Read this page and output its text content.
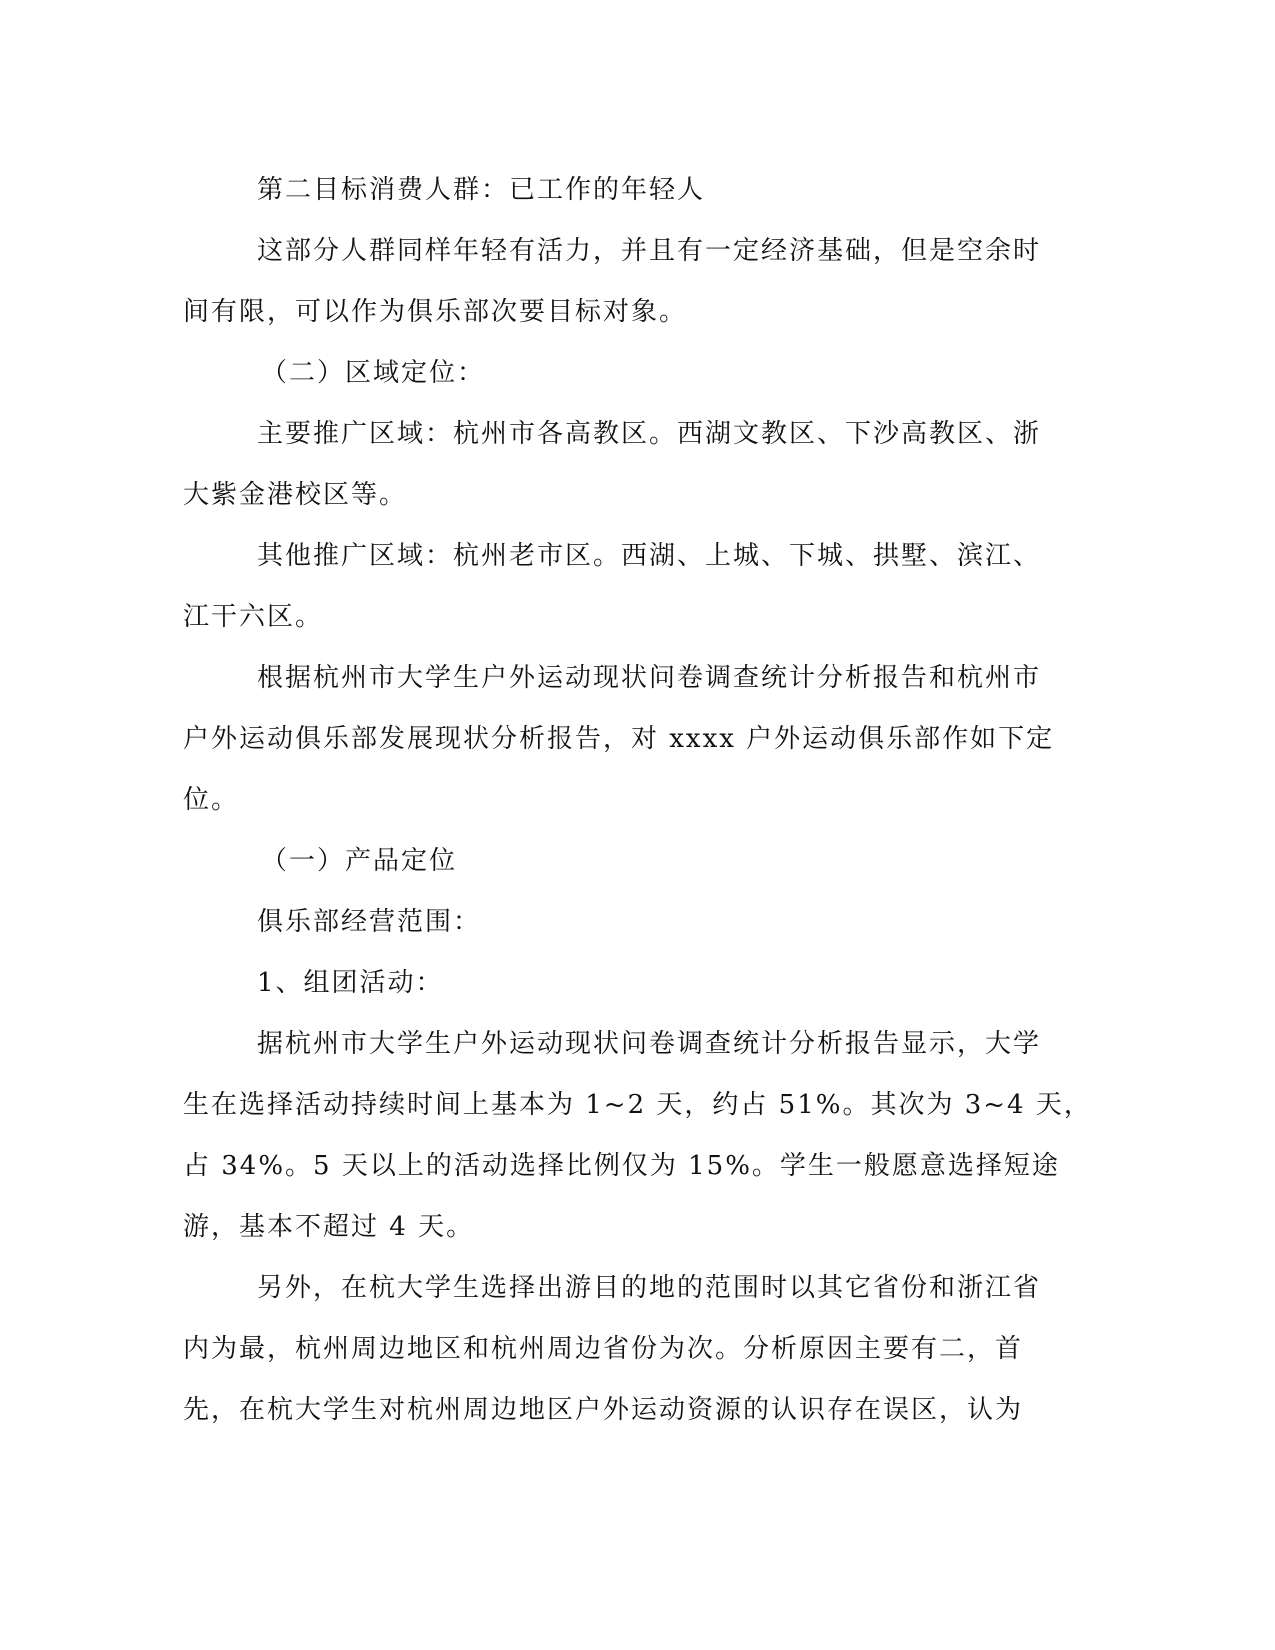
第二目标消费人群：已工作的年轻人

这部分人群同样年轻有活力，并且有一定经济基础，但是空余时
间有限，可以作为俱乐部次要目标对象。

（二）区域定位：

主要推广区域：杭州市各高教区。西湖文教区、下沙高教区、浙
大紫金港校区等。

其他推广区域：杭州老市区。西湖、上城、下城、拱墅、滨江、
江干六区。

根据杭州市大学生户外运动现状问卷调查统计分析报告和杭州市
户外运动俱乐部发展现状分析报告，对 xxxx 户外运动俱乐部作如下定
位。

（一）产品定位

俱乐部经营范围：

1、组团活动：

据杭州市大学生户外运动现状问卷调查统计分析报告显示，大学
生在选择活动持续时间上基本为 1~2 天，约占 51%。其次为 3~4 天，
占 34%。5 天以上的活动选择比例仅为 15%。学生一般愿意选择短途
游，基本不超过 4 天。

另外，在杭大学生选择出游目的地的范围时以其它省份和浙江省
内为最，杭州周边地区和杭州周边省份为次。分析原因主要有二，首
先，在杭大学生对杭州周边地区户外运动资源的认识存在误区，认为
